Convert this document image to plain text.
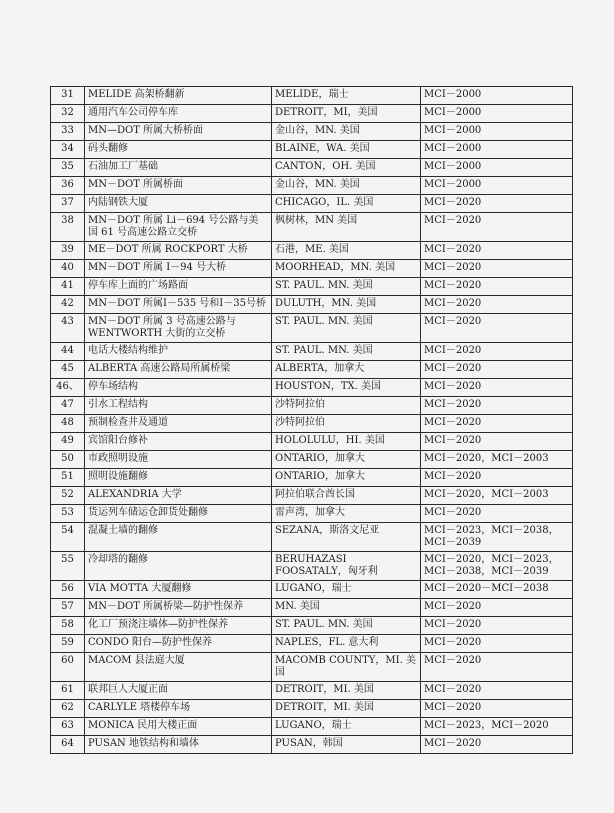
31	MELIDE 高架桥翻新	MELIDE，瑞士	MCI－2000
32	通用汽车公司停车库	DETROIT，MI，美国	MCI－2000
33	MN—DOT 所属大桥桥面	金山谷，MN. 美国	MCI－2000
34	码头翻修	BLAINE，WA. 美国	MCI－2000
35	石油加工厂基础	CANTON，OH. 美国	MCI－2000
36	MN－DOT 所属桥面	金山谷，MN. 美国	MCI－2000
37	内陆钢铁大厦	CHICAGO，IL. 美国	MCI－2020
38	MN－DOT 所属 Li－694 号公路与美国 61 号高速公路立交桥	枫树林，MN 美国	MCI－2020
39	ME－DOT 所属 ROCKPORT 大桥	石港，ME. 美国	MCI－2020
40	MN－DOT 所属 I－94 号大桥	MOORHEAD，MN. 美国	MCI－2020
41	停车库上面的广场路面	ST. PAUL. MN. 美国	MCI－2020
42	MN－DOT 所属I－535 号和I－35号桥	DULUTH，MN. 美国	MCI－2020
43	MN－DOT 所属 3 号高速公路与 WENTWORTH 大街的立交桥	ST. PAUL. MN. 美国	MCI－2020
44	电话大楼结构维护	ST. PAUL. MN. 美国	MCI－2020
45	ALBERTA 高速公路局所属桥梁	ALBERTA，加拿大	MCI－2020
46、	停车场结构	HOUSTON，TX. 美国	MCI－2020
47	引水工程结构	沙特阿拉伯	MCI－2020
48	预制检查井及通道	沙特阿拉伯	MCI－2020
49	宾馆阳台修补	HOLOLULU，HI. 美国	MCI－2020
50	市政照明设施	ONTARIO，加拿大	MCI－2020，MCI－2003
51	照明设施翻修	ONTARIO，加拿大	MCI－2020
52	ALEXANDRIA 大学	阿拉伯联合酋长国	MCI－2020，MCI－2003
53	货运列车储运仓卸货处翻修	雷声湾，加拿大	MCI－2020
54	混凝土墙的翻修	SEZANA，斯洛文尼亚	MCI－2023，MCI－2038，MCI－2039
55	冷却塔的翻修	BERUHAZASI FOOSATALY，匈牙利	MCI－2020，MCI－2023，MCI－2038，MCI－2039
56	VIA MOTTA 大厦翻修	LUGANO，瑞士	MCI－2020－MCI－2038
57	MN－DOT 所属桥梁—防护性保养	MN. 美国	MCI－2020
58	化工厂预浇注墙体—防护性保养	ST. PAUL. MN. 美国	MCI－2020
59	CONDO 阳台—防护性保养	NAPLES，FL. 意大利	MCI－2020
60	MACOM 县法庭大厦	MACOMB COUNTY，MI. 美国	MCI－2020
61	联邦巨人大厦正面	DETROIT，MI. 美国	MCI－2020
62	CARLYLE 塔楼停车场	DETROIT，MI. 美国	MCI－2020
63	MONICA 民用大楼正面	LUGANO，瑞士	MCI－2023，MCI－2020
64	PUSAN 地铁结构和墙体	PUSAN，韩国	MCI－2020
